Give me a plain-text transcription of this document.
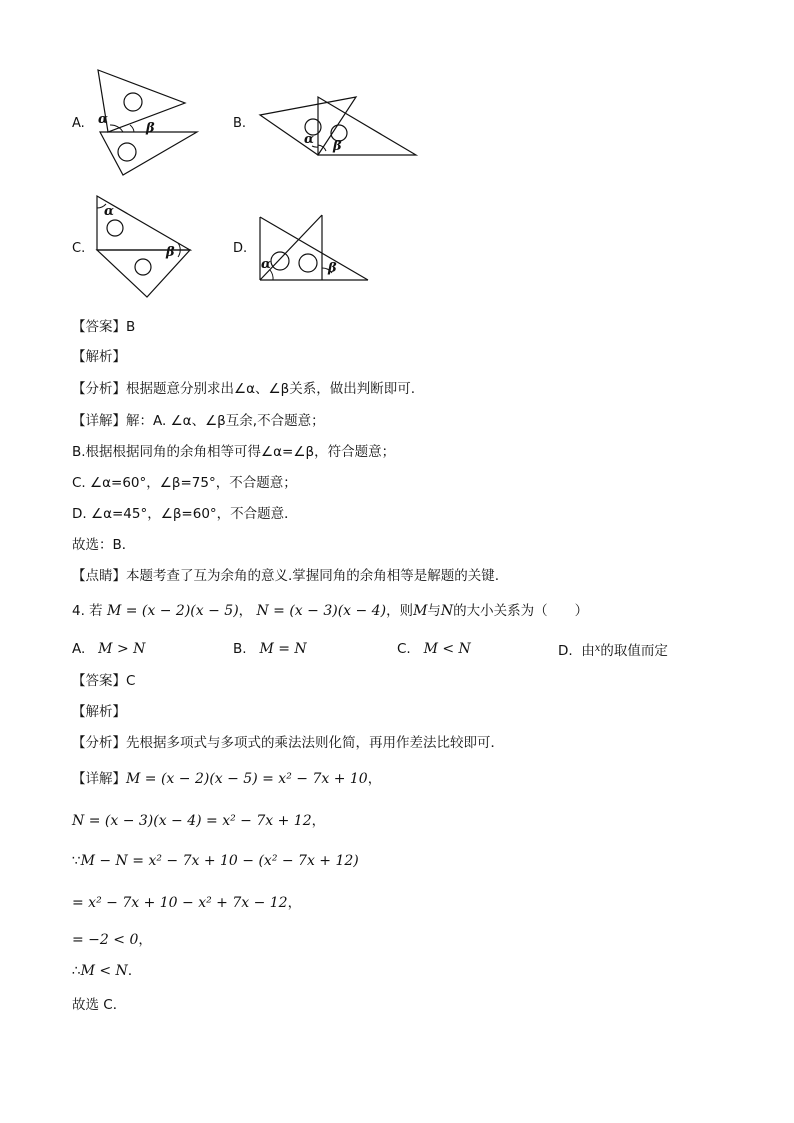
A. α
β	B.
α β
C.
α
β	D.
α	β
【答案】B
【解析】
【分析】根据题意分别求出∠α、∠β关系，做出判断即可.
【详解】解：A. ∠α、∠β互余,不合题意；
B.根据根据同角的余角相等可得∠α=∠β，符合题意；
C. ∠α=60°，∠β=75°，不合题意；
D. ∠α=45°，∠β=60°，不合题意．
故选：B．
【点睛】本题考查了互为余角的意义.掌握同角的余角相等是解题的关键.
4. 若 M = (x − 2)(x − 5)， N = (x − 3)(x − 4)，则M与N的大小关系为（　　）
A. M > N	B. M = N	C. M < N	D. 由$^x$的取值而定
【答案】C
【解析】
【分析】先根据多项式与多项式的乘法法则化简，再用作差法比较即可．
【详解】M = (x − 2)(x − 5) = x² − 7x + 10，
N = (x − 3)(x − 4) = x² − 7x + 12，
∵M − N = x² − 7x + 10 − (x² − 7x + 12)
= x² − 7x + 10 − x² + 7x − 12，
= −2 < 0，
∴M < N．
故选 C．
